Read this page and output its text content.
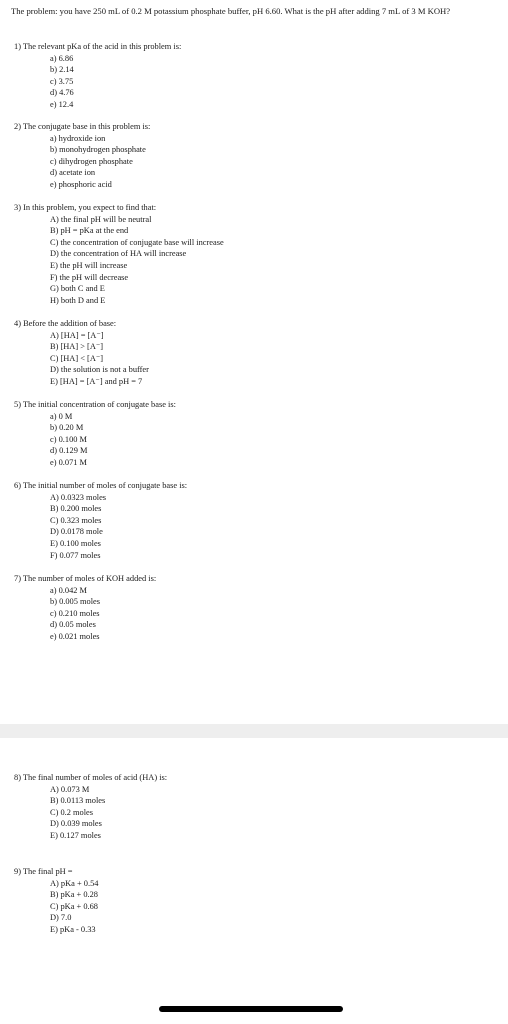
The problem: you have 250 mL of 0.2 M potassium phosphate buffer, pH 6.60. What is the pH after adding 7 mL of 3 M KOH?
1) The relevant pKa of the acid in this problem is:
a) 6.86
b) 2.14
c) 3.75
d) 4.76
e) 12.4
2) The conjugate base in this problem is:
a) hydroxide ion
b) monohydrogen phosphate
c) dihydrogen phosphate
d) acetate ion
e) phosphoric acid
3) In this problem, you expect to find that:
A) the final pH will be neutral
B) pH = pKa at the end
C) the concentration of conjugate base will increase
D) the concentration of HA will increase
E) the pH will increase
F) the pH will decrease
G) both C and E
H) both D and E
4) Before the addition of base:
A) [HA] = [A⁻]
B) [HA] > [A⁻]
C) [HA] < [A⁻]
D) the solution is not a buffer
E) [HA] = [A⁻] and pH = 7
5) The initial concentration of conjugate base is:
a) 0 M
b) 0.20 M
c) 0.100 M
d) 0.129 M
e) 0.071 M
6) The initial number of moles of conjugate base is:
A) 0.0323 moles
B) 0.200 moles
C) 0.323 moles
D) 0.0178 mole
E) 0.100 moles
F) 0.077 moles
7) The number of moles of KOH added is:
a) 0.042 M
b) 0.005 moles
c) 0.210 moles
d) 0.05 moles
e) 0.021 moles
8) The final number of moles of acid (HA) is:
A) 0.073 M
B) 0.0113 moles
C) 0.2 moles
D) 0.039 moles
E) 0.127 moles
9) The final pH =
A) pKa + 0.54
B) pKa + 0.28
C) pKa + 0.68
D) 7.0
E) pKa - 0.33
